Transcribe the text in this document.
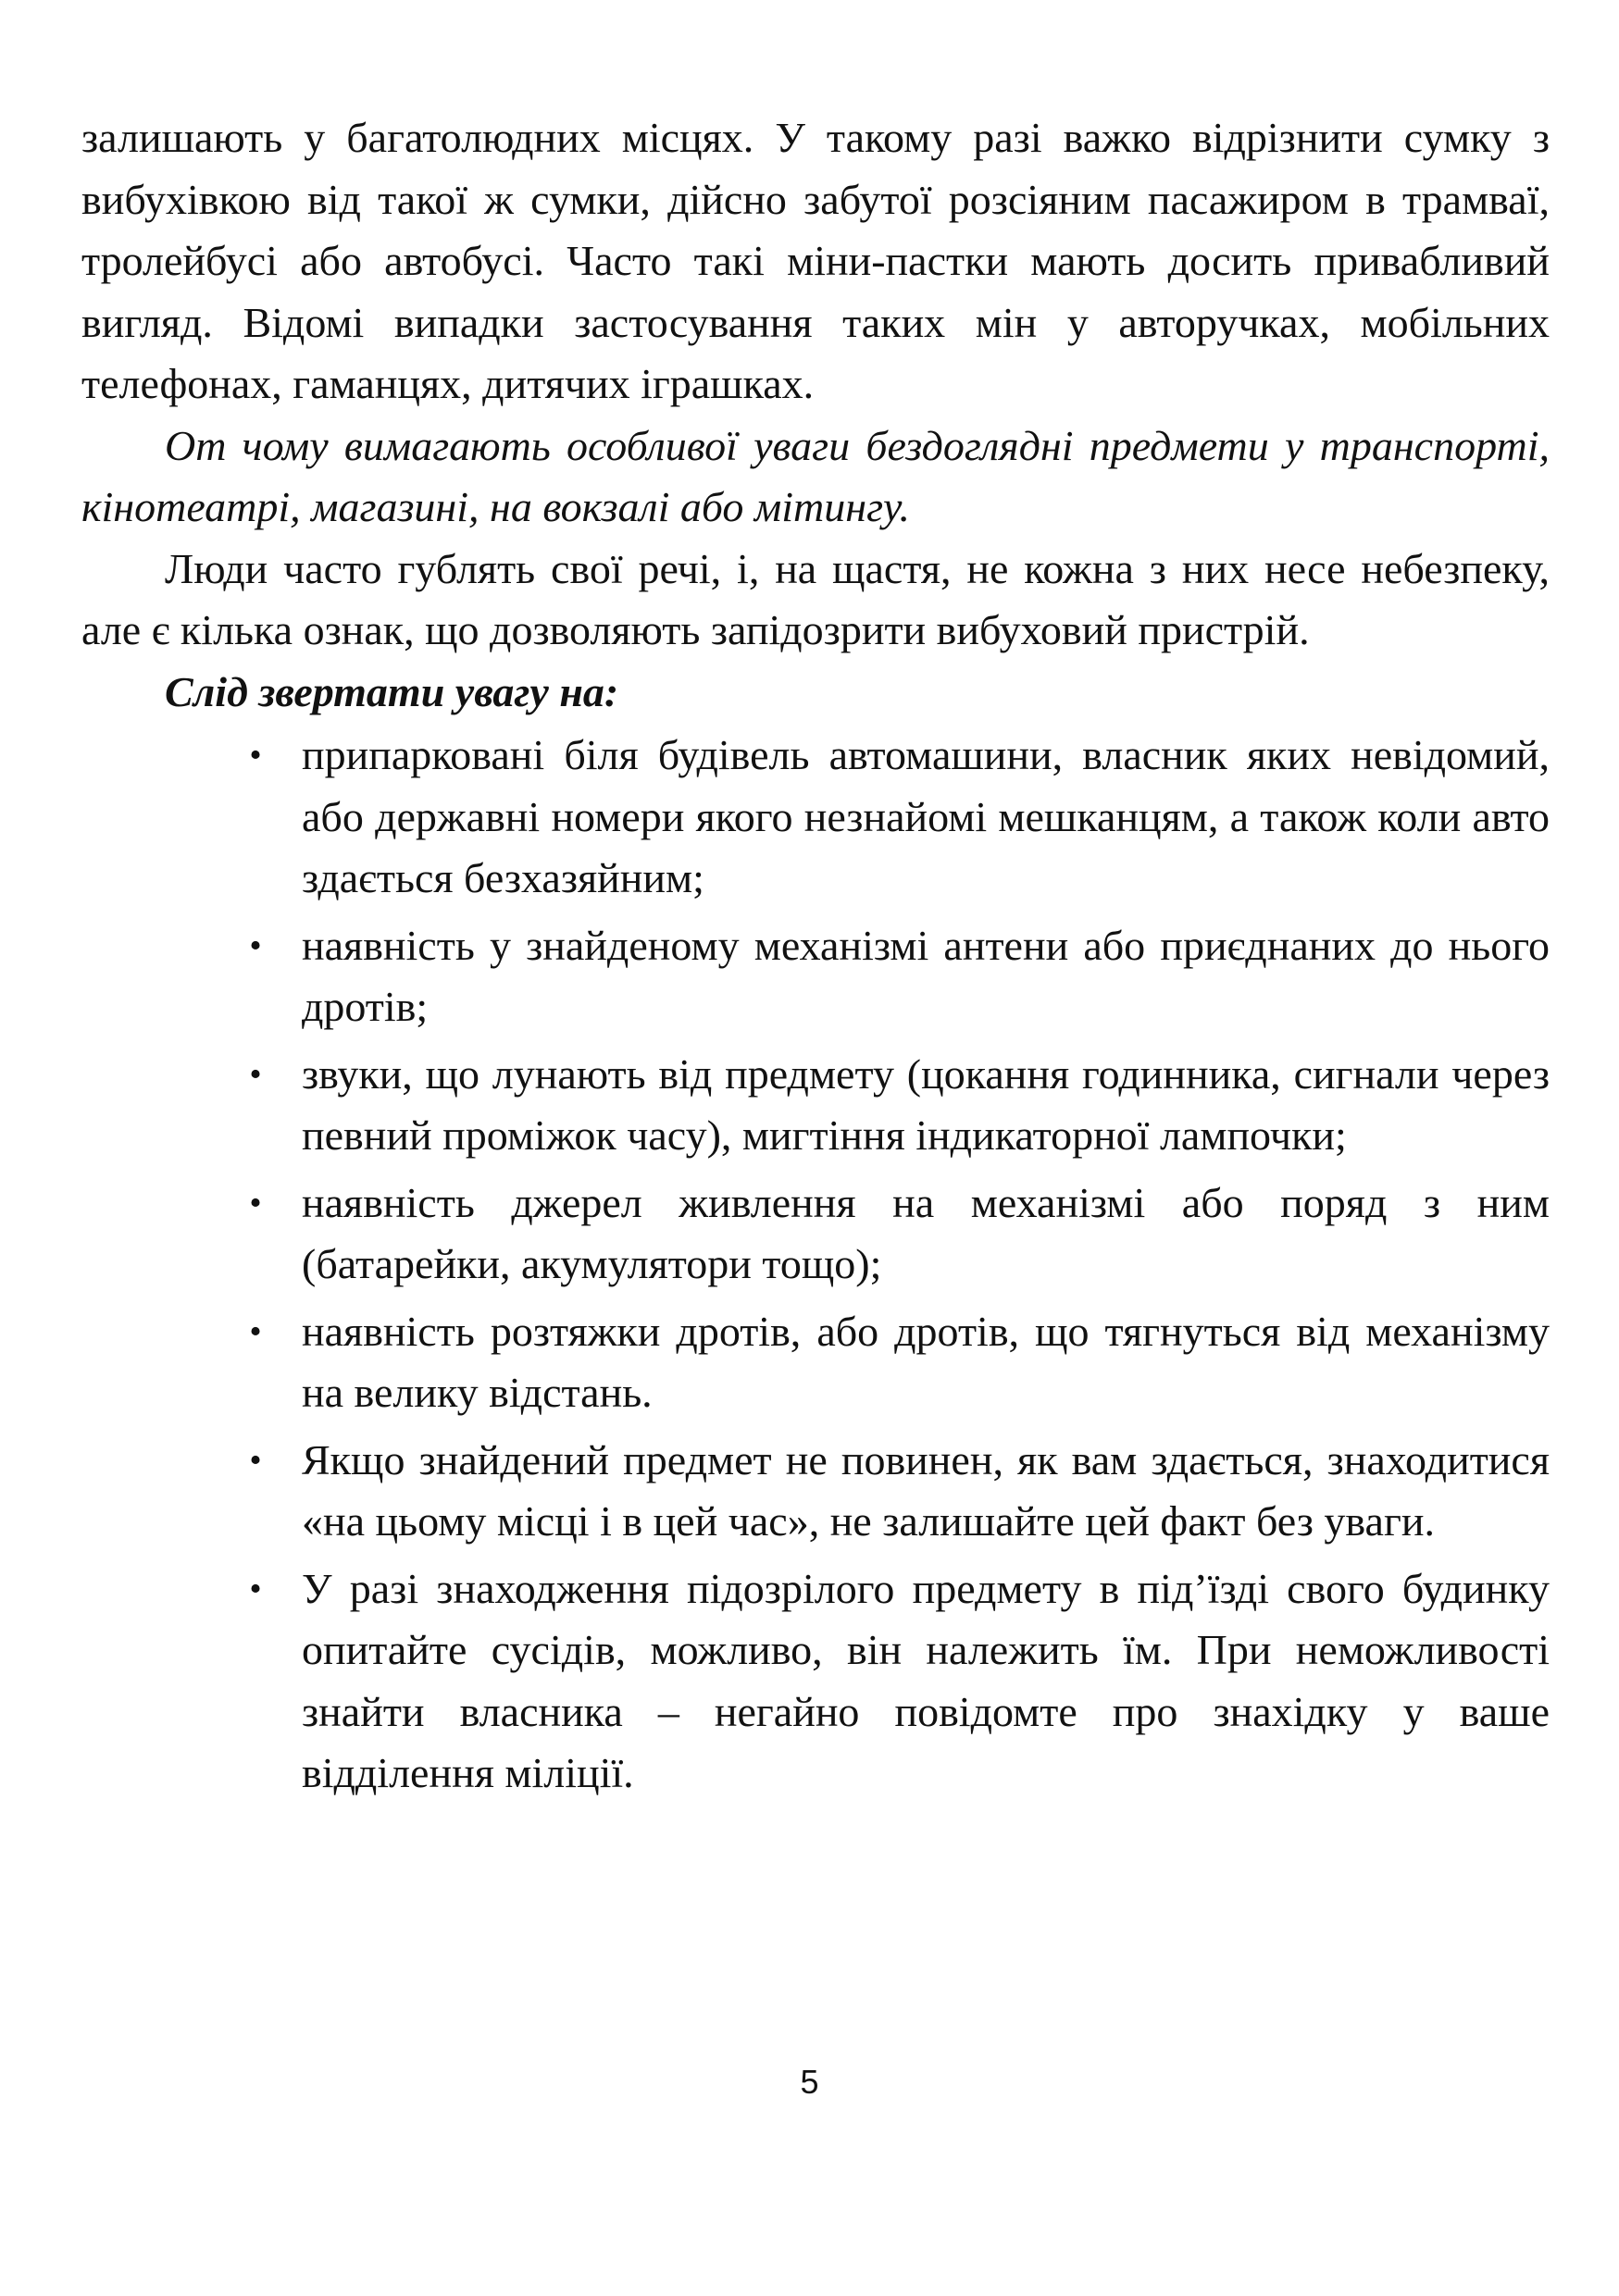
залишають у багатолюдних місцях. У такому разі важко відрізнити сумку з вибухівкою від такої ж сумки, дійсно забутої розсіяним пасажиром в трамваї, тролейбусі або автобусі. Часто такі міни-пастки мають досить привабливий вигляд. Відомі випадки застосування таких мін у авторучках, мобільних телефонах, гаманцях, дитячих іграшках.

От чому вимагають особливої уваги бездоглядні предмети у транспорті, кінотеатрі, магазині, на вокзалі або мітингу.

Люди часто гублять свої речі, і, на щастя, не кожна з них несе небезпеку, але є кілька ознак, що дозволяють запідозрити вибуховий пристрій.

Слід звертати увагу на:

• припарковані біля будівель автомашини, власник яких невідомий, або державні номери якого незнайомі мешканцям, а також коли авто здається безхазяйним;
• наявність у знайденому механізмі антени або приєднаних до нього дротів;
• звуки, що лунають від предмету (цокання годинника, сигнали через певний проміжок часу), мигтіння індикаторної лампочки;
• наявність джерел живлення на механізмі або поряд з ним (батарейки, акумулятори тощо);
• наявність розтяжки дротів, або дротів, що тягнуться від механізму на велику відстань.
• Якщо знайдений предмет не повинен, як вам здається, знаходитися «на цьому місці і в цей час», не залишайте цей факт без уваги.
• У разі знаходження підозрілого предмету в під’їзді свого будинку опитайте сусідів, можливо, він належить їм. При неможливості знайти власника – негайно повідомте про знахідку у ваше відділення міліції.
5
